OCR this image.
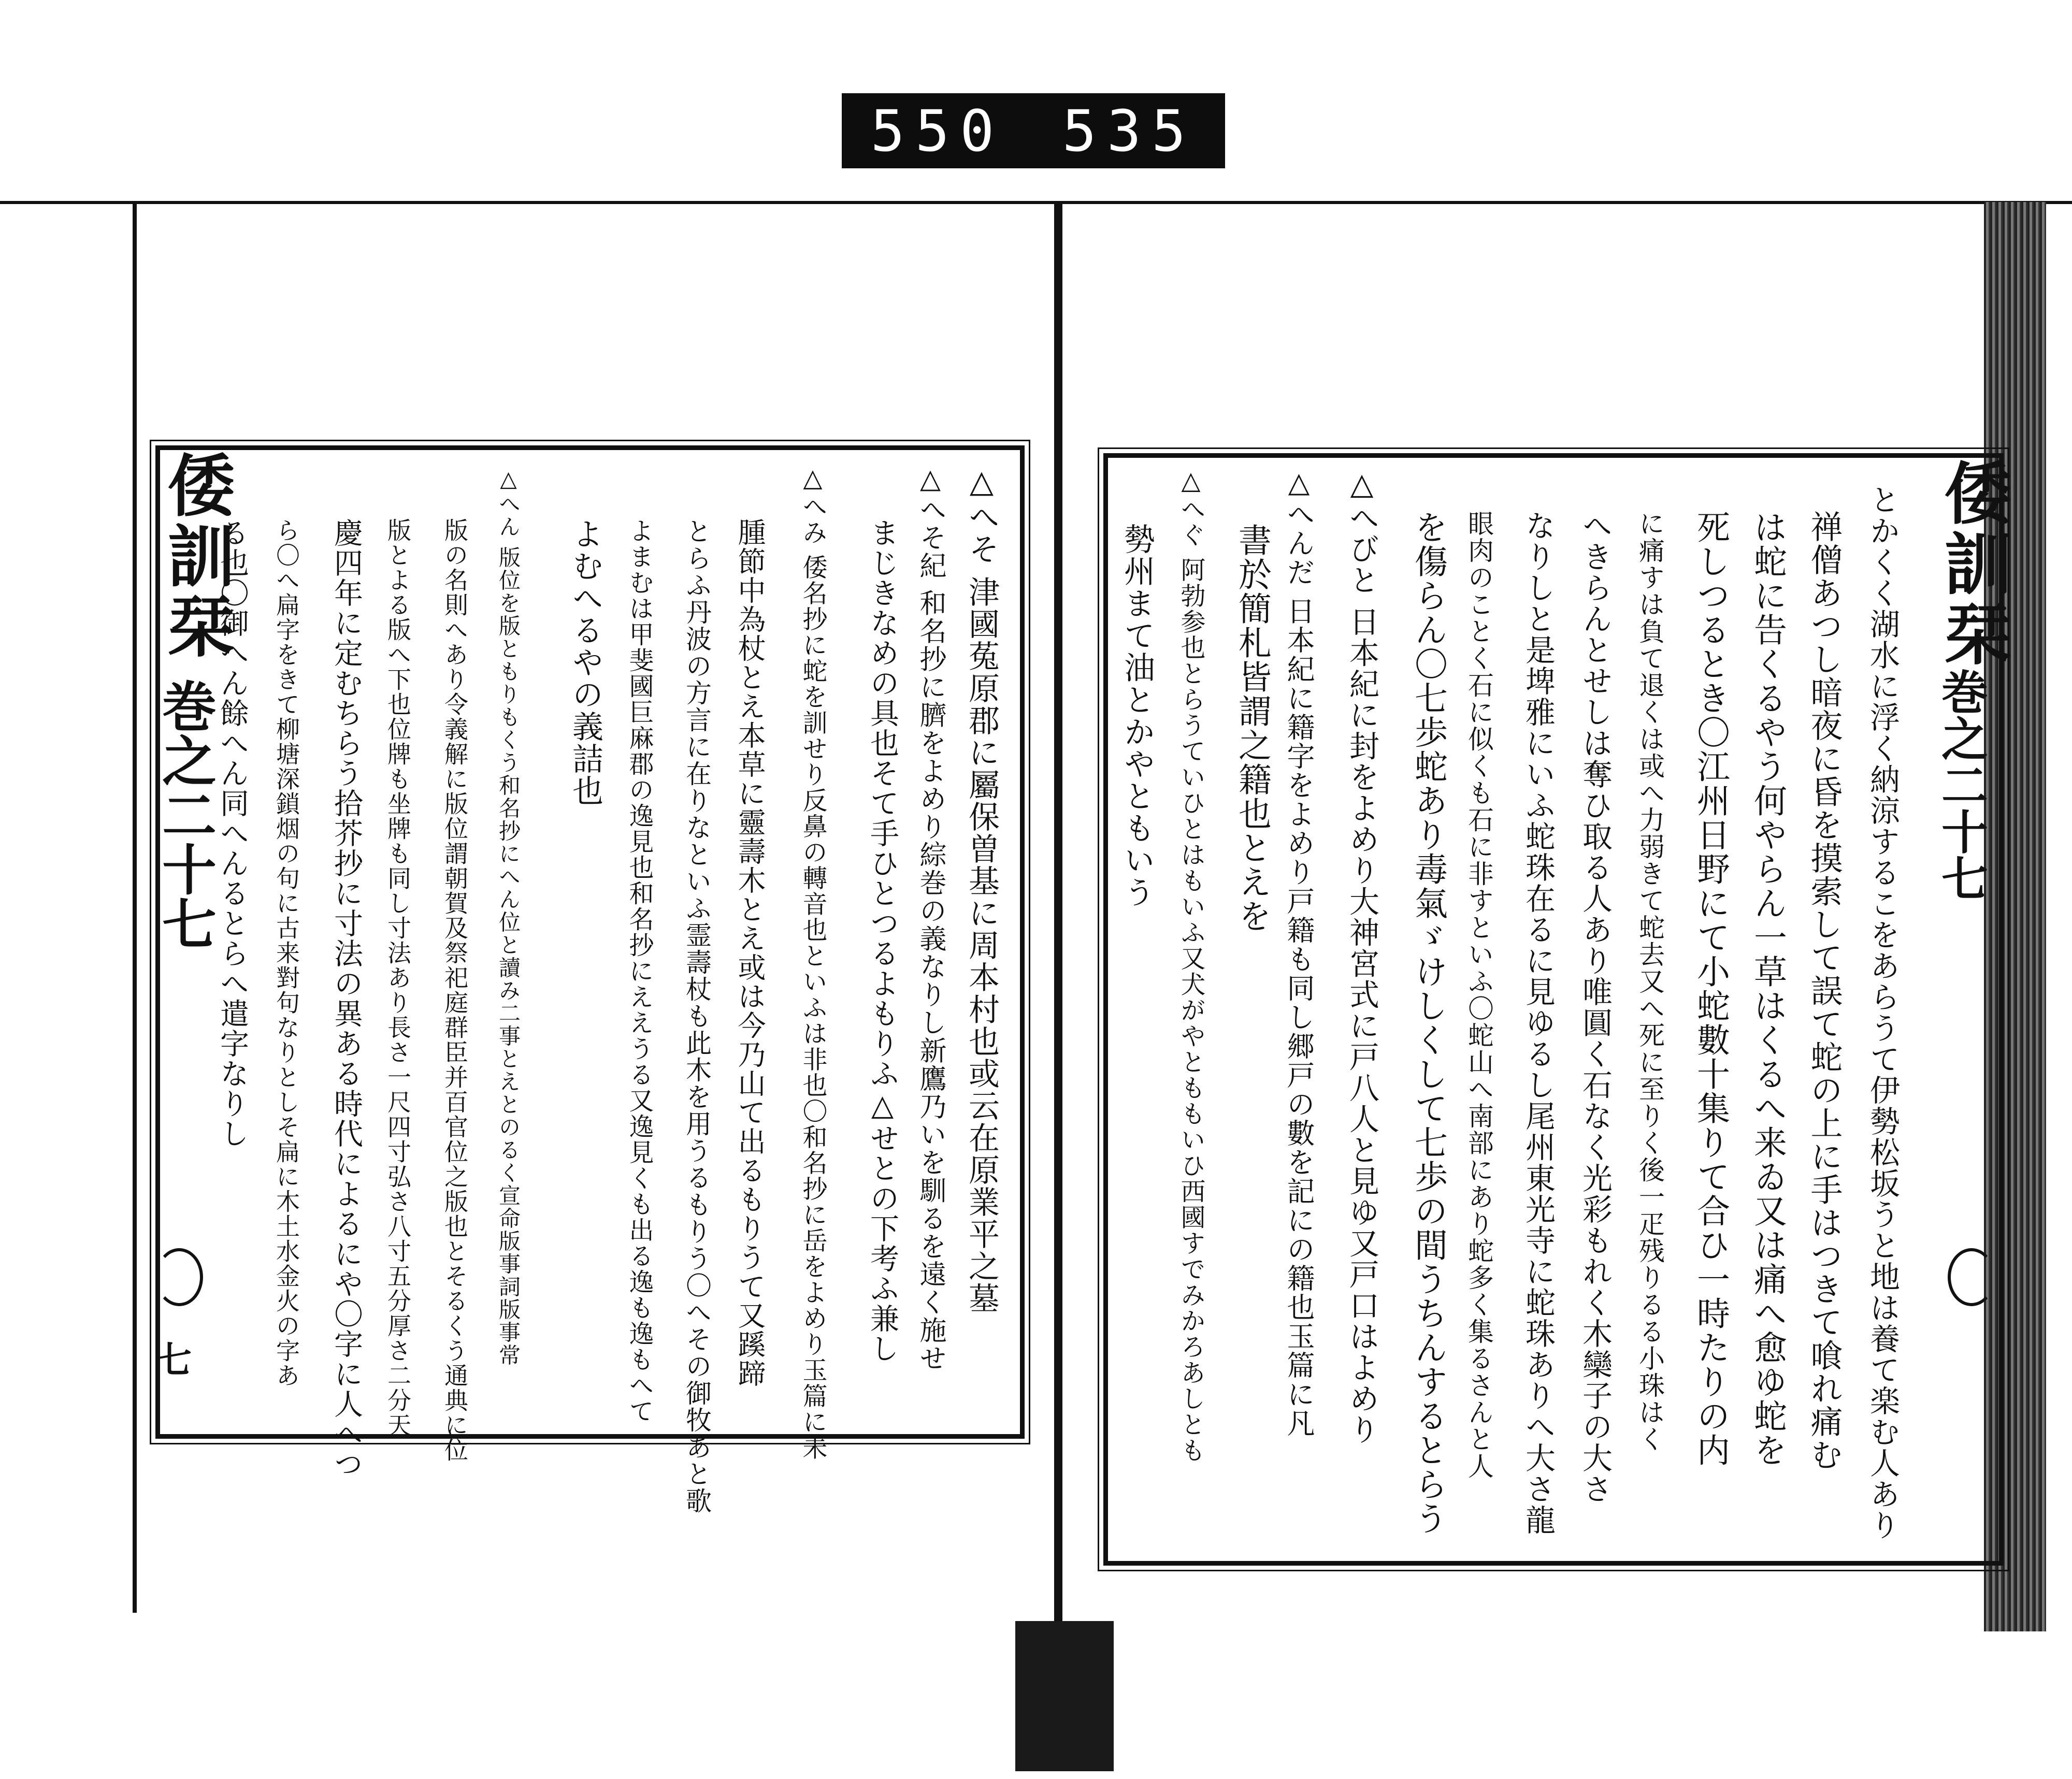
550 535
倭訓栞
巻之二十七
七
△へそ 津國菟原郡に屬保曽基に周本村也或云在原業平之墓
△へそ紀 和名抄に臍をよめり綜巻の義なりし新鷹乃いを馴るを遠く施せ
まじきなめの具也そて手ひとつるよもりふ△せとの下考ふ兼し
△へみ 倭名抄に蛇を訓せり反鼻の轉音也といふは非也〇和名抄に岳をよめり玉篇に未
腫節中為杖とえ本草に靈壽木とえ或は今乃山て出るもりうて又蹊蹄
とらふ丹波の方言に在りなといふ霊壽杖も此木を用うるもりう〇へその御牧あと歌
よまむは甲斐國巨麻郡の逸見也和名抄にええうる又逸見くも出る逸も逸もへて
よむへるやの義詰也
△へん 版位を版ともりもくう和名抄にへん位と讀み二事とえとのるく宣命版事詞版事常
版の名則へあり令義解に版位謂朝賀及祭祀庭群臣并百官位之版也とそるくう通典に位
版とよる版へ下也位牌も坐牌も同し寸法あり長さ一尺四寸弘さ八寸五分厚さ二分天
慶四年に定むちらう拾芥抄に寸法の異ある時代によるにや〇字に人へつ
ら〇へ扁字をきて柳塘深鎖烟の句に古来對句なりとしそ扁に木土水金火の字あ
る也〇御へん餘へん同へんるとらへ遣字なりし	倭訓栞
巻之二十七
とかくく湖水に浮く納涼するこをあらうて伊勢松坂うと地は養て楽む人あり
禅僧あつし暗夜に昏を摸索して誤て蛇の上に手はつきて喰れ痛む
は蛇に告くるやう何やらん一草はくるへ来ゐ又は痛へ愈ゆ蛇を
死しつるとき〇江州日野にて小蛇數十集りて合ひ一時たりの内
に痛すは負て退くは或へ力弱きて蛇去又へ死に至りく後一疋残りるる小珠はく
へきらんとせしは奪ひ取る人あり唯圓く石なく光彩もれく木欒子の大さ
なりしと是埤雅にいふ蛇珠在るに見ゆるし尾州東光寺に蛇珠ありへ大さ龍
眼肉のことく石に似くも石に非すといふ〇蛇山へ南部にあり蛇多く集るさんと人
を傷らん〇七歩蛇あり毒氣ゞけしくして七歩の間うちんするとらう
△へびと 日本紀に封をよめり大神宮式に戸八人と見ゆ又戸口はよめり
△へんだ 日本紀に籍字をよめり戸籍も同し郷戸の數を記にの籍也玉篇に凡
書於簡札皆謂之籍也とえを
△へぐ 阿勃参也とらうていひとはもいふ又犬がやとももいひ西國すでみかろあしとも
勢州まて油とかやともいう
